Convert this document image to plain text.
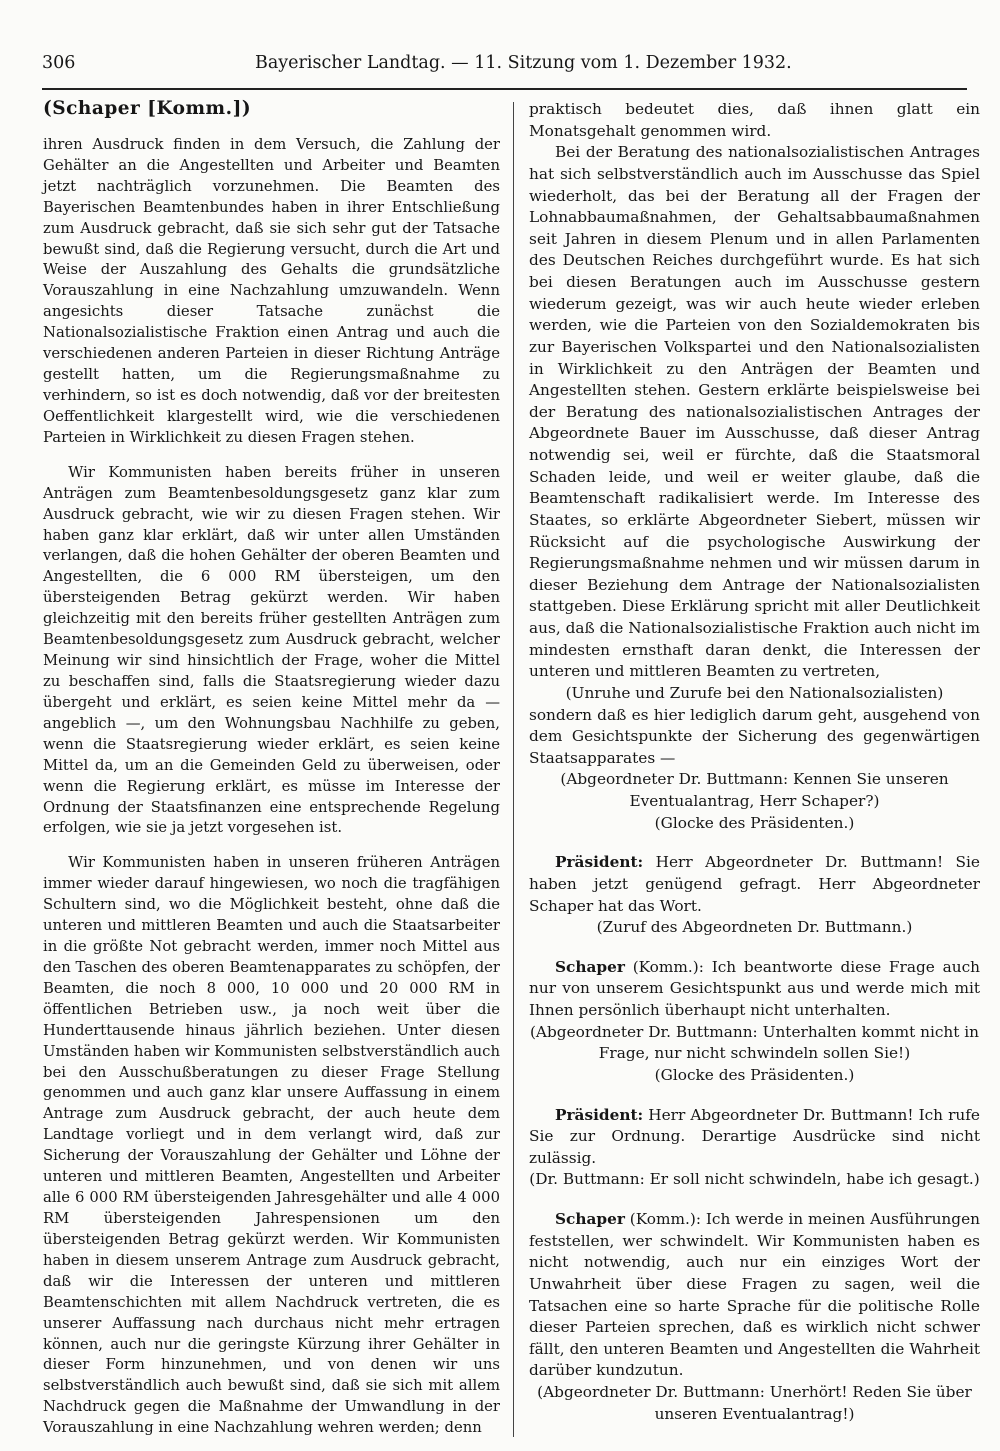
306	Bayerischer Landtag. — 11. Sitzung vom 1. Dezember 1932.

(Schaper [Komm.])

ihren Ausdruck finden in dem Versuch, die Zahlung der Gehälter an die Angestellten und Arbeiter und Beamten jetzt nachträglich vorzunehmen. Die Beamten des Bayerischen Beamtenbundes haben in ihrer Entschließung zum Ausdruck gebracht, daß sie sich sehr gut der Tatsache bewußt sind, daß die Regierung versucht, durch die Art und Weise der Auszahlung des Gehalts die grundsätzliche Vorauszahlung in eine Nachzahlung umzuwandeln. Wenn angesichts dieser Tatsache zunächst die Nationalsozialistische Fraktion einen Antrag und auch die verschiedenen anderen Parteien in dieser Richtung Anträge gestellt hatten, um die Regierungsmaßnahme zu verhindern, so ist es doch notwendig, daß vor der breitesten Oeffentlichkeit klargestellt wird, wie die verschiedenen Parteien in Wirklichkeit zu diesen Fragen stehen.

Wir Kommunisten haben bereits früher in unseren Anträgen zum Beamtenbesoldungsgesetz ganz klar zum Ausdruck gebracht, wie wir zu diesen Fragen stehen. Wir haben ganz klar erklärt, daß wir unter allen Umständen verlangen, daß die hohen Gehälter der oberen Beamten und Angestellten, die 6 000 RM übersteigen, um den übersteigenden Betrag gekürzt werden. Wir haben gleichzeitig mit den bereits früher gestellten Anträgen zum Beamtenbesoldungsgesetz zum Ausdruck gebracht, welcher Meinung wir sind hinsichtlich der Frage, woher die Mittel zu beschaffen sind, falls die Staatsregierung wieder dazu übergeht und erklärt, es seien keine Mittel mehr da — angeblich —, um den Wohnungsbau Nachhilfe zu geben, wenn die Staatsregierung wieder erklärt, es seien keine Mittel da, um an die Gemeinden Geld zu überweisen, oder wenn die Regierung erklärt, es müsse im Interesse der Ordnung der Staatsfinanzen eine entsprechende Regelung erfolgen, wie sie ja jetzt vorgesehen ist.

Wir Kommunisten haben in unseren früheren Anträgen immer wieder darauf hingewiesen, wo noch die tragfähigen Schultern sind, wo die Möglichkeit besteht, ohne daß die unteren und mittleren Beamten und auch die Staatsarbeiter in die größte Not gebracht werden, immer noch Mittel aus den Taschen des oberen Beamtenapparates zu schöpfen, der Beamten, die noch 8 000, 10 000 und 20 000 RM in öffentlichen Betrieben usw., ja noch weit über die Hunderttausende hinaus jährlich beziehen. Unter diesen Umständen haben wir Kommunisten selbstverständlich auch bei den Ausschußberatungen zu dieser Frage Stellung genommen und auch ganz klar unsere Auffassung in einem Antrage zum Ausdruck gebracht, der auch heute dem Landtage vorliegt und in dem verlangt wird, daß zur Sicherung der Vorauszahlung der Gehälter und Löhne der unteren und mittleren Beamten, Angestellten und Arbeiter alle 6 000 RM übersteigenden Jahresgehälter und alle 4 000 RM übersteigenden Jahrespensionen um den übersteigenden Betrag gekürzt werden. Wir Kommunisten haben in diesem unserem Antrage zum Ausdruck gebracht, daß wir die Interessen der unteren und mittleren Beamtenschichten mit allem Nachdruck vertreten, die es unserer Auffassung nach durchaus nicht mehr ertragen können, auch nur die geringste Kürzung ihrer Gehälter in dieser Form hinzunehmen, und von denen wir uns selbstverständlich auch bewußt sind, daß sie sich mit allem Nachdruck gegen die Maßnahme der Umwandlung in der Vorauszahlung in eine Nachzahlung wehren werden; denn

praktisch bedeutet dies, daß ihnen glatt ein Monatsgehalt genommen wird.

Bei der Beratung des nationalsozialistischen Antrages hat sich selbstverständlich auch im Ausschusse das Spiel wiederholt, das bei der Beratung all der Fragen der Lohnabbaumaßnahmen, der Gehaltsabbaumaßnahmen seit Jahren in diesem Plenum und in allen Parlamenten des Deutschen Reiches durchgeführt wurde. Es hat sich bei diesen Beratungen auch im Ausschusse gestern wiederum gezeigt, was wir auch heute wieder erleben werden, wie die Parteien von den Sozialdemokraten bis zur Bayerischen Volkspartei und den Nationalsozialisten in Wirklichkeit zu den Anträgen der Beamten und Angestellten stehen. Gestern erklärte beispielsweise bei der Beratung des nationalsozialistischen Antrages der Abgeordnete Bauer im Ausschusse, daß dieser Antrag notwendig sei, weil er fürchte, daß die Staatsmoral Schaden leide, und weil er weiter glaube, daß die Beamtenschaft radikalisiert werde. Im Interesse des Staates, so erklärte Abgeordneter Siebert, müssen wir Rücksicht auf die psychologische Auswirkung der Regierungsmaßnahme nehmen und wir müssen darum in dieser Beziehung dem Antrage der Nationalsozialisten stattgeben. Diese Erklärung spricht mit aller Deutlichkeit aus, daß die Nationalsozialistische Fraktion auch nicht im mindesten ernsthaft daran denkt, die Interessen der unteren und mittleren Beamten zu vertreten,

(Unruhe und Zurufe bei den Nationalsozialisten)

sondern daß es hier lediglich darum geht, ausgehend von dem Gesichtspunkte der Sicherung des gegenwärtigen Staatsapparates —

(Abgeordneter Dr. Buttmann: Kennen Sie unseren Eventualantrag, Herr Schaper?)

(Glocke des Präsidenten.)

Präsident: Herr Abgeordneter Dr. Buttmann! Sie haben jetzt genügend gefragt. Herr Abgeordneter Schaper hat das Wort.

(Zuruf des Abgeordneten Dr. Buttmann.)

Schaper (Komm.): Ich beantworte diese Frage auch nur von unserem Gesichtspunkt aus und werde mich mit Ihnen persönlich überhaupt nicht unterhalten.

(Abgeordneter Dr. Buttmann: Unterhalten kommt nicht in Frage, nur nicht schwindeln sollen Sie!)

(Glocke des Präsidenten.)

Präsident: Herr Abgeordneter Dr. Buttmann! Ich rufe Sie zur Ordnung. Derartige Ausdrücke sind nicht zulässig.

(Dr. Buttmann: Er soll nicht schwindeln, habe ich gesagt.)

Schaper (Komm.): Ich werde in meinen Ausführungen feststellen, wer schwindelt. Wir Kommunisten haben es nicht notwendig, auch nur ein einziges Wort der Unwahrheit über diese Fragen zu sagen, weil die Tatsachen eine so harte Sprache für die politische Rolle dieser Parteien sprechen, daß es wirklich nicht schwer fällt, den unteren Beamten und Angestellten die Wahrheit darüber kundzutun.

(Abgeordneter Dr. Buttmann: Unerhört! Reden Sie über unseren Eventualantrag!)
